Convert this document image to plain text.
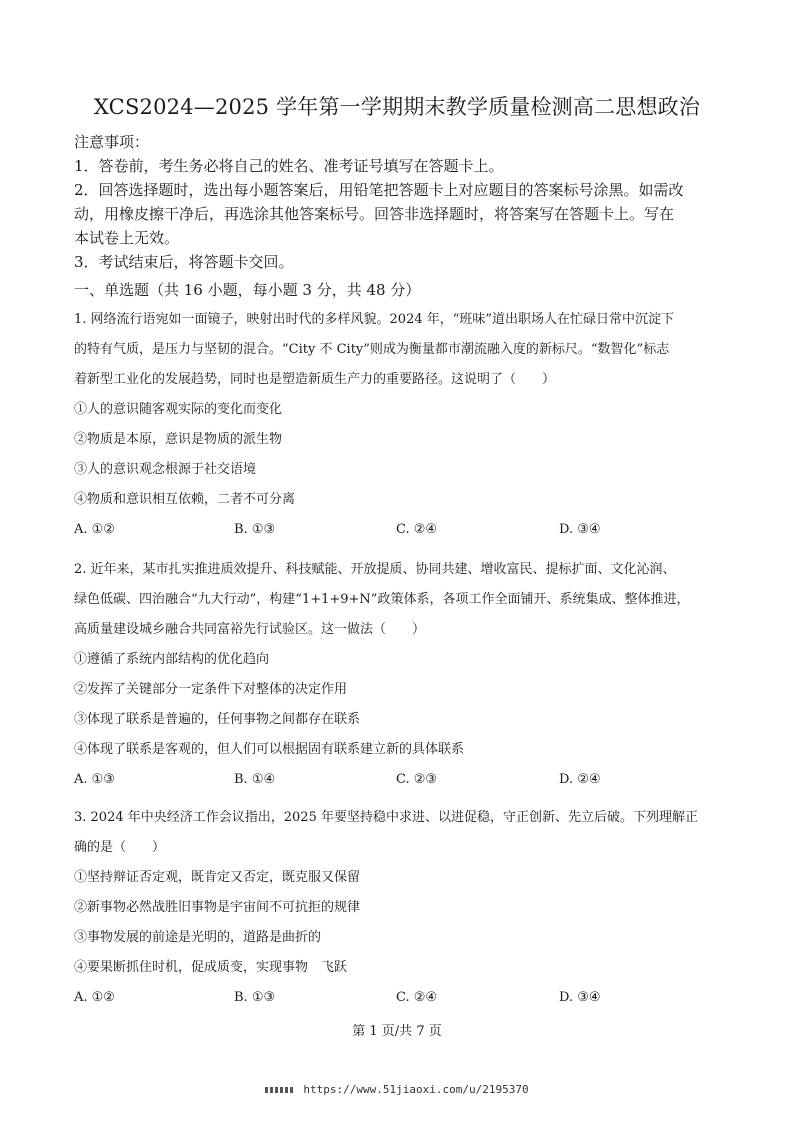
XCS2024—2025 学年第一学期期末教学质量检测高二思想政治
注意事项：
1．答卷前，考生务必将自己的姓名、准考证号填写在答题卡上。
2．回答选择题时，选出每小题答案后，用铅笔把答题卡上对应题目的答案标号涂黑。如需改
动，用橡皮擦干净后，再选涂其他答案标号。回答非选择题时，将答案写在答题卡上。写在
本试卷上无效。
3．考试结束后，将答题卡交回。
一、单选题（共 16 小题，每小题 3 分，共 48 分）
1. 网络流行语宛如一面镜子，映射出时代的多样风貌。2024 年，“班味”道出职场人在忙碌日常中沉淀下
的特有气质，是压力与坚韧的混合。“City 不 City”则成为衡量都市潮流融入度的新标尺。“数智化”标志
着新型工业化的发展趋势，同时也是塑造新质生产力的重要路径。这说明了（　　）
①人的意识随客观实际的变化而变化
②物质是本原，意识是物质的派生物
③人的意识观念根源于社交语境
④物质和意识相互依赖，二者不可分离
A. ①②	B. ①③	C. ②④	D. ③④
2. 近年来，某市扎实推进质效提升、科技赋能、开放提质、协同共建、增收富民、提标扩面、文化沁润、
绿色低碳、四治融合“九大行动”，构建“1+1+9+N”政策体系，各项工作全面铺开、系统集成、整体推进，
高质量建设城乡融合共同富裕先行试验区。这一做法（　　）
①遵循了系统内部结构的优化趋向
②发挥了关键部分一定条件下对整体的决定作用
③体现了联系是普遍的，任何事物之间都存在联系
④体现了联系是客观的，但人们可以根据固有联系建立新的具体联系
A. ①③	B. ①④	C. ②③	D. ②④
3. 2024 年中央经济工作会议指出，2025 年要坚持稳中求进、以进促稳，守正创新、先立后破。下列理解正
确的是（　　）
①坚持辩证否定观，既肯定又否定，既克服又保留
②新事物必然战胜旧事物是宇宙间不可抗拒的规律
③事物发展的前途是光明的，道路是曲折的
④要果断抓住时机，促成质变，实现事物　飞跃
A. ①②	B. ①③	C. ②④	D. ③④
第 1 页/共 7 页
https://www.51jiaoxi.com/u/2195370
